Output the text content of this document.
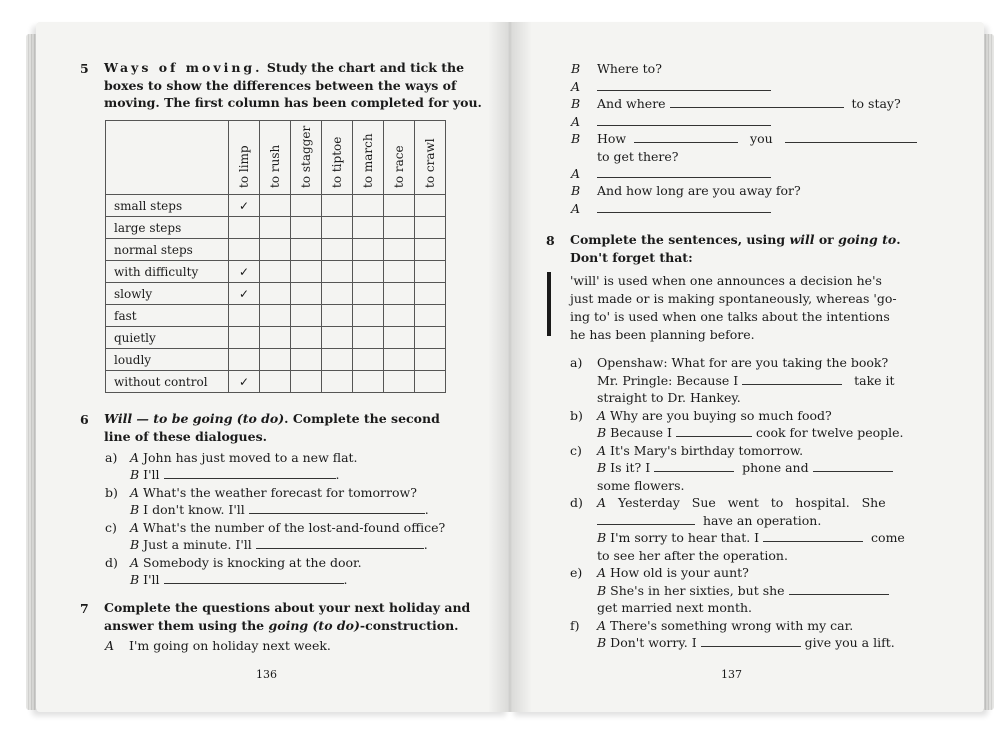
5 Ways of moving. Study the chart and tick the
boxes to show the differences between the ways of
moving. The first column has been completed for you.

	to limp	to rush	to stagger	to tiptoe	to march	to race	to crawl

small steps	✓						
large steps							
normal steps							
with difficulty	✓						
slowly	✓						
fast							
quietly							
loudly							
without control	✓						
6 Will — to be going (to do). Complete the second
line of these dialogues.
a) A John has just moved to a new flat.
B I'll	.
b) A What's the weather forecast for tomorrow?
B I don't know. I'll	.
c) A What's the number of the lost-and-found office?
B Just a minute. I'll	.
d) A Somebody is knocking at the door.
B I'll	.
7 Complete the questions about your next holiday and
answer them using the going (to do)-construction.
A I'm going on holiday next week.
136
B Where to?
A
B And where	to stay?
A
B How	you
to get there?
A
B And how long are you away for?
A
8 Complete the sentences, using will or going to.
Don't forget that:
'will' is used when one announces a decision he's
just made or is making spontaneously, whereas 'go-
ing to' is used when one talks about the intentions
he has been planning before.
a) Openshaw: What for are you taking the book?
Mr. Pringle: Because I	take it
straight to Dr. Hankey.
b) A Why are you buying so much food?
B Because I	cook for twelve people.
c) A It's Mary's birthday tomorrow.
B Is it? I	phone and
some flowers.
d) A Yesterday   Sue   went   to   hospital.   She
have an operation.
B I'm sorry to hear that. I	come
to see her after the operation.
e) A How old is your aunt?
B She's in her sixties, but she
get married next month.
f) A There's something wrong with my car.
B Don't worry. I	give you a lift.
137
